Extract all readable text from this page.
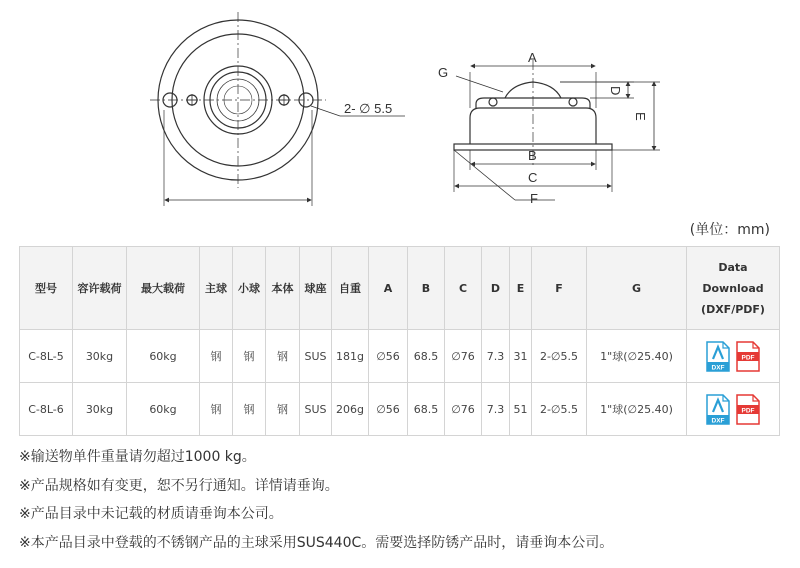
2- ∅ 5.5
A
G
D
E
B
C
F
(单位：mm)
型号	容许载荷	最大载荷	主球	小球	本体	球座	自重	A	B	C	D	E	F	G	Data
Download
(DXF/PDF)

C-8L-5	30kg	60kg	钢	钢	钢	SUS	181g	∅56	68.5	∅76	7.3	31	2-∅5.5	1"球(∅25.40)	DXF
PDF

C-8L-6	30kg	60kg	钢	钢	钢	SUS	206g	∅56	68.5	∅76	7.3	51	2-∅5.5	1"球(∅25.40)	DXF
PDF
※输送物单件重量请勿超过1000 kg。
※产品规格如有变更，恕不另行通知。详情请垂询。
※产品目录中未记载的材质请垂询本公司。
※本产品目录中登载的不锈钢产品的主球采用SUS440C。需要选择防锈产品时，请垂询本公司。
